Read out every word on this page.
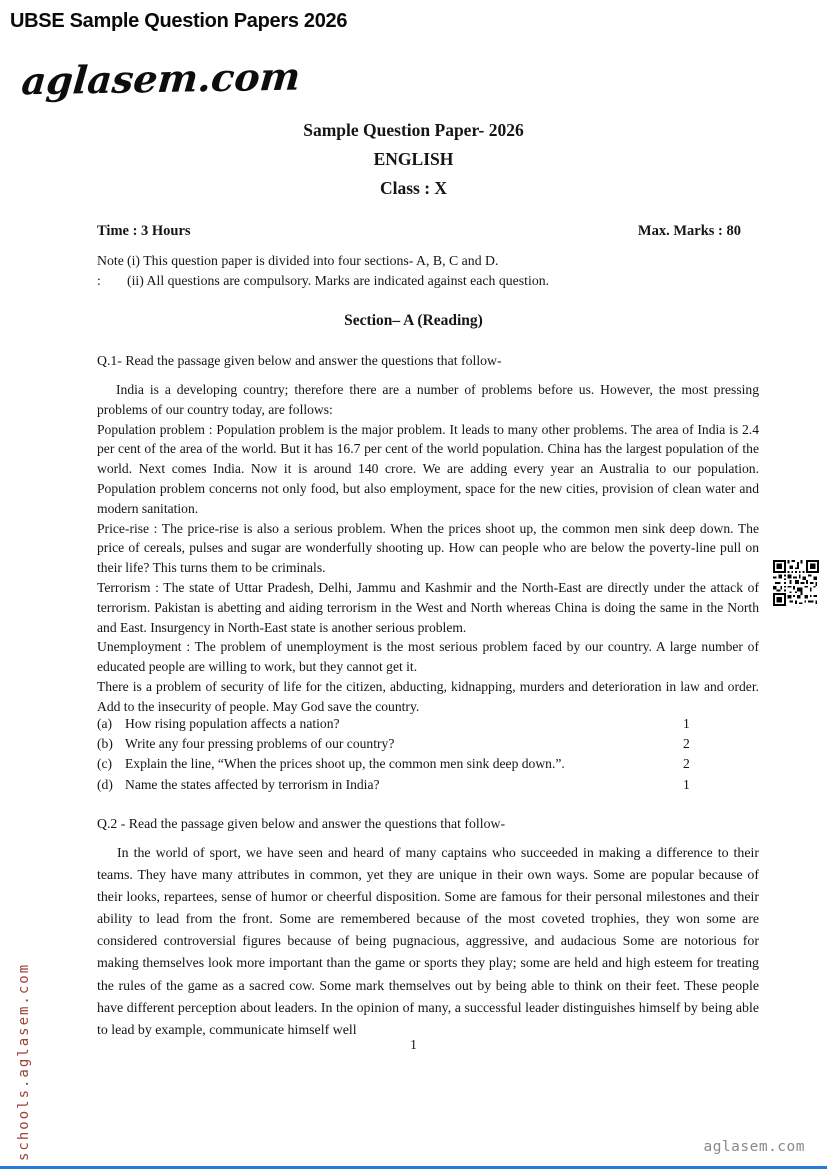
UBSE Sample Question Papers 2026
aglasem.com
Sample Question Paper- 2026
ENGLISH
Class : X
Time : 3 Hours	Max. Marks : 80
Note :
(i) This question paper is divided into four sections- A, B, C and D.
(ii) All questions are compulsory. Marks are indicated against each question.
Section– A (Reading)
Q.1- Read the passage given below and answer the questions that follow-

India is a developing country; therefore there are a number of problems before us. However, the most pressing problems of our country today, are follows:

Population problem : Population problem is the major problem. It leads to many other problems. The area of India is 2.4 per cent of the area of the world. But it has 16.7 per cent of the world population. China has the largest population of the world. Next comes India. Now it is around 140 crore. We are adding every year an Australia to our population. Population problem concerns not only food, but also employment, space for the new cities, provision of clean water and modern sanitation.

Price-rise : The price-rise is also a serious problem. When the prices shoot up, the common men sink deep down. The price of cereals, pulses and sugar are wonderfully shooting up. How can people who are below the poverty-line pull on their life? This turns them to be criminals.

Terrorism : The state of Uttar Pradesh, Delhi, Jammu and Kashmir and the North-East are directly under the attack of terrorism. Pakistan is abetting and aiding terrorism in the West and North whereas China is doing the same in the North and East. Insurgency in North-East state is another serious problem.

Unemployment : The problem of unemployment is the most serious problem faced by our country. A large number of educated people are willing to work, but they cannot get it.

There is a problem of security of life for the citizen, abducting, kidnapping, murders and deterioration in law and order. Add to the insecurity of people. May God save the country.

(a) How rising population affects a nation?	1
(b) Write any four pressing problems of our country?	2
(c) Explain the line, “When the prices shoot up, the common men sink deep down.”.	2
(d) Name the states affected by terrorism in India?	1
Q.2 - Read the passage given below and answer the questions that follow-

In the world of sport, we have seen and heard of many captains who succeeded in making a difference to their teams. They have many attributes in common, yet they are unique in their own ways. Some are popular because of their looks, repartees, sense of humor or cheerful disposition. Some are famous for their personal milestones and their ability to lead from the front. Some are remembered because of the most coveted trophies, they won some are considered controversial figures because of being pugnacious, aggressive, and audacious Some are notorious for making themselves look more important than the game or sports they play; some are held and high esteem for treating the rules of the game as a sacred cow. Some mark themselves out by being able to think on their feet. These people have different perception about leaders. In the opinion of many, a successful leader distinguishes himself by being able to lead by example, communicate himself well

1
schools.aglasem.com	aglasem.com
